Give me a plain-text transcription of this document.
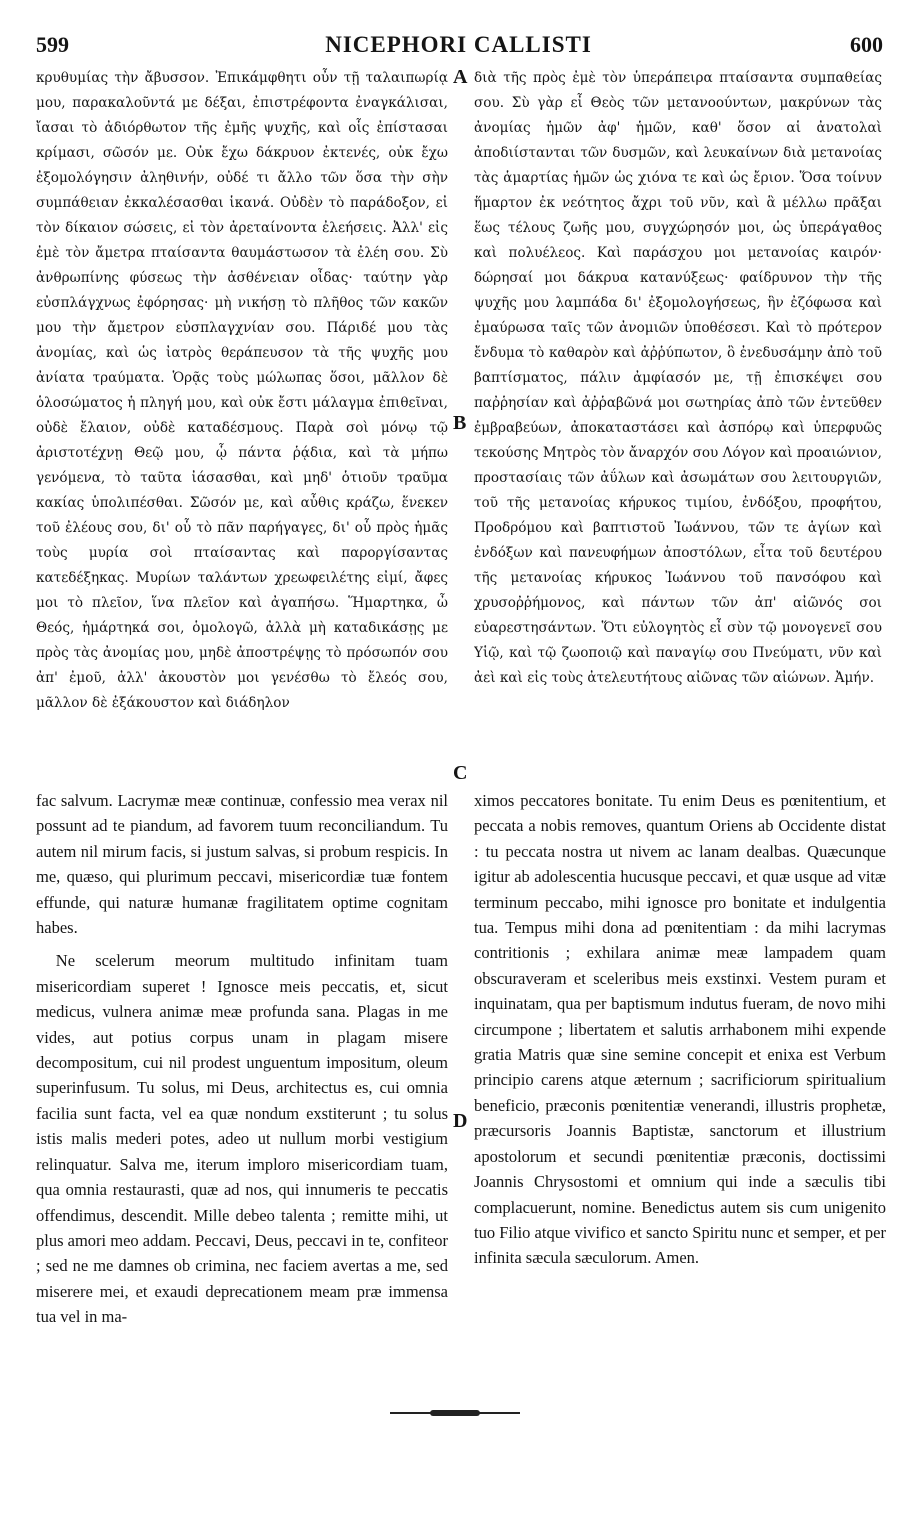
599	NICEPHORI CALLISTI	600

κρυθυμίας τὴν ἄβυσσον. Ἐπικάμφθητι οὖν τῇ ταλαιπωρίᾳ μου, παρακαλοῦντά με δέξαι, ἐπιστρέφοντα ἐναγκάλισαι, ἴασαι τὸ ἀδιόρθωτον τῆς ἐμῆς ψυχῆς, καὶ οἷς ἐπίστασαι κρίμασι, σῶσόν με. Οὐκ ἔχω δάκρυον ἐκτενές, οὐκ ἔχω ἐξομολόγησιν ἀληθινήν, οὐδέ τι ἄλλο τῶν ὅσα τὴν σὴν συμπάθειαν ἐκκαλέσασθαι ἱκανά. Οὐδὲν τὸ παράδοξον, εἰ τὸν δίκαιον σώσεις, εἰ τὸν ἀρεταίνοντα ἐλεήσεις. Ἀλλ' εἰς ἐμὲ τὸν ἄμετρα πταίσαντα θαυμάστωσον τὰ ἐλέη σου. Σὺ ἀνθρωπίνης φύσεως τὴν ἀσθένειαν οἶδας· ταύτην γὰρ εὐσπλάγχνως ἐφόρησας· μὴ νικήσῃ τὸ πλῆθος τῶν κακῶν μου τὴν ἄμετρον εὐσπλαγχνίαν σου. Πάριδέ μου τὰς ἀνομίας, καὶ ὡς ἰατρὸς θεράπευσον τὰ τῆς ψυχῆς μου ἀνίατα τραύματα. Ὁρᾷς τοὺς μώλωπας ὅσοι, μᾶλλον δὲ ὁλοσώματος ἡ πληγή μου, καὶ οὐκ ἔστι μάλαγμα ἐπιθεῖναι, οὐδὲ ἔλαιον, οὐδὲ καταδέσμους. Παρὰ σοὶ μόνῳ τῷ ἀριστοτέχνῃ Θεῷ μου, ᾧ πάντα ῥᾴδια, καὶ τὰ μήπω γενόμενα, τὸ ταῦτα ἰάσασθαι, καὶ μηδ' ὁτιοῦν τραῦμα κακίας ὑπολιπέσθαι. Σῶσόν με, καὶ αὖθις κράζω, ἕνεκεν τοῦ ἐλέους σου, δι' οὗ τὸ πᾶν παρήγαγες, δι' οὗ πρὸς ἡμᾶς τοὺς μυρία σοὶ πταίσαντας καὶ παροργίσαντας κατεδέξηκας. Μυρίων ταλάντων χρεωφειλέτης εἰμί, ἄφες μοι τὸ πλεῖον, ἵνα πλεῖον καὶ ἀγαπήσω. Ἥμαρτηκα, ὦ Θεός, ἡμάρτηκά σοι, ὁμολογῶ, ἀλλὰ μὴ καταδικάσῃς με πρὸς τὰς ἀνομίας μου, μηδὲ ἀποστρέψῃς τὸ πρόσωπόν σου ἀπ' ἐμοῦ, ἀλλ' ἀκουστὸν μοι γενέσθω τὸ ἔλεός σου, μᾶλλον δὲ ἐξάκουστον καὶ διάδηλον

A διὰ τῆς πρὸς ἐμὲ τὸν ὑπεράπειρα πταίσαντα συμπαθείας σου. Σὺ γὰρ εἶ Θεὸς τῶν μετανοούντων, μακρύνων τὰς ἀνομίας ἡμῶν ἀφ' ἡμῶν, καθ' ὅσον αἱ ἀνατολαὶ ἀποδιίστανται τῶν δυσμῶν, καὶ λευκαίνων διὰ μετανοίας τὰς ἁμαρτίας ἡμῶν ὡς χιόνα τε καὶ ὡς ἔριον. Ὅσα τοίνυν ἥμαρτον ἐκ νεότητος ἄχρι τοῦ νῦν, καὶ ἃ μέλλω πρᾶξαι ἕως τέλους ζωῆς μου, συγχώρησόν μοι, ὡς ὑπεράγαθος καὶ πολυέλεος. Καὶ παράσχου μοι μετανοίας καιρόν· δώρησαί μοι δάκρυα κατανύξεως· φαίδρυνον τὴν τῆς ψυχῆς μου λαμπάδα δι' ἐξομολογήσεως, ἣν ἐζόφωσα καὶ ἐμαύρωσα ταῖς τῶν ἀνομιῶν ὑποθέσεσι. Καὶ τὸ πρότερον ἔνδυμα τὸ καθαρὸν καὶ ἀῤῥύπωτον, ὃ ἐνεδυσάμην ἀπὸ τοῦ βαπτίσματος, πάλιν ἀμφίασόν με, τῇ ἐπισκέψει σου παῤῥησίαν καὶ ἀῤῥαβῶνά μοι σωτηρίας ἀπὸ τῶν ἐντεῦθεν ἐμβραβεύων, ἀποκαταστάσει καὶ ἀσπόρῳ καὶ ὑπερφυῶς τεκούσης Μητρὸς τὸν ἄναρχόν σου Λόγον καὶ προαιώνιον, προστασίαις τῶν ἀΰλων καὶ ἀσωμάτων σου λειτουργιῶν, τοῦ τῆς μετανοίας κήρυκος τιμίου, ἐνδόξου, προφήτου, Προδρόμου καὶ βαπτιστοῦ Ἰωάννου, τῶν τε ἁγίων καὶ ἐνδόξων καὶ πανευφήμων ἀποστόλων, εἶτα τοῦ δευτέρου τῆς μετανοίας κήρυκος Ἰωάννου τοῦ πανσόφου καὶ χρυσοῤῥήμονος, καὶ πάντων τῶν ἀπ' αἰῶνός σοι εὐαρεστησάντων. Ὅτι εὐλογητὸς εἶ σὺν τῷ μονογενεῖ σου Υἱῷ, καὶ τῷ ζωοποιῷ καὶ παναγίῳ σου Πνεύματι, νῦν καὶ ἀεὶ καὶ εἰς τοὺς ἀτελευτήτους αἰῶνας τῶν αἰώνων. Ἀμήν.

B
C

fac salvum. Lacrymæ meæ continuæ, confessio mea verax nil possunt ad te piandum, ad favorem tuum reconciliandum. Tu autem nil mirum facis, si justum salvas, si probum respicis. In me, quæso, qui plurimum peccavi, misericordiæ tuæ fontem effunde, qui naturæ humanæ fragilitatem optime cognitam habes.

Ne scelerum meorum multitudo infinitam tuam misericordiam superet ! Ignosce meis peccatis, et, sicut medicus, vulnera animæ meæ profunda sana. Plagas in me vides, aut potius corpus unam in plagam misere decompositum, cui nil prodest unguentum impositum, oleum superinfusum. Tu solus, mi Deus, architectus es, cui omnia facilia sunt facta, vel ea quæ nondum exstiterunt ; tu solus istis malis mederi potes, adeo ut nullum morbi vestigium relinquatur. Salva me, iterum imploro misericordiam tuam, qua omnia restaurasti, quæ ad nos, qui innumeris te peccatis offendimus, descendit. Mille debeo talenta ; remitte mihi, ut plus amori meo addam. Peccavi, Deus, peccavi in te, confiteor ; sed ne me damnes ob crimina, nec faciem avertas a me, sed miserere mei, et exaudi deprecationem meam præ immensa tua vel in ma-

D

ximos peccatores bonitate. Tu enim Deus es pœnitentium, et peccata a nobis removes, quantum Oriens ab Occidente distat : tu peccata nostra ut nivem ac lanam dealbas. Quæcunque igitur ab adolescentia hucusque peccavi, et quæ usque ad vitæ terminum peccabo, mihi ignosce pro bonitate et indulgentia tua. Tempus mihi dona ad pœnitentiam : da mihi lacrymas contritionis ; exhilara animæ meæ lampadem quam obscuraveram et sceleribus meis exstinxi. Vestem puram et inquinatam, qua per baptismum indutus fueram, de novo mihi circumpone ; libertatem et salutis arrhabonem mihi expende gratia Matris quæ sine semine concepit et enixa est Verbum principio carens atque æternum ; sacrificiorum spiritualium beneficio, præconis pœnitentiæ venerandi, illustris prophetæ, præcursoris Joannis Baptistæ, sanctorum et illustrium apostolorum et secundi pœnitentiæ præconis, doctissimi Joannis Chrysostomi et omnium qui inde a sæculis tibi complacuerunt, nomine. Benedictus autem sis cum unigenito tuo Filio atque vivifico et sancto Spiritu nunc et semper, et per infinita sæcula sæculorum. Amen.
